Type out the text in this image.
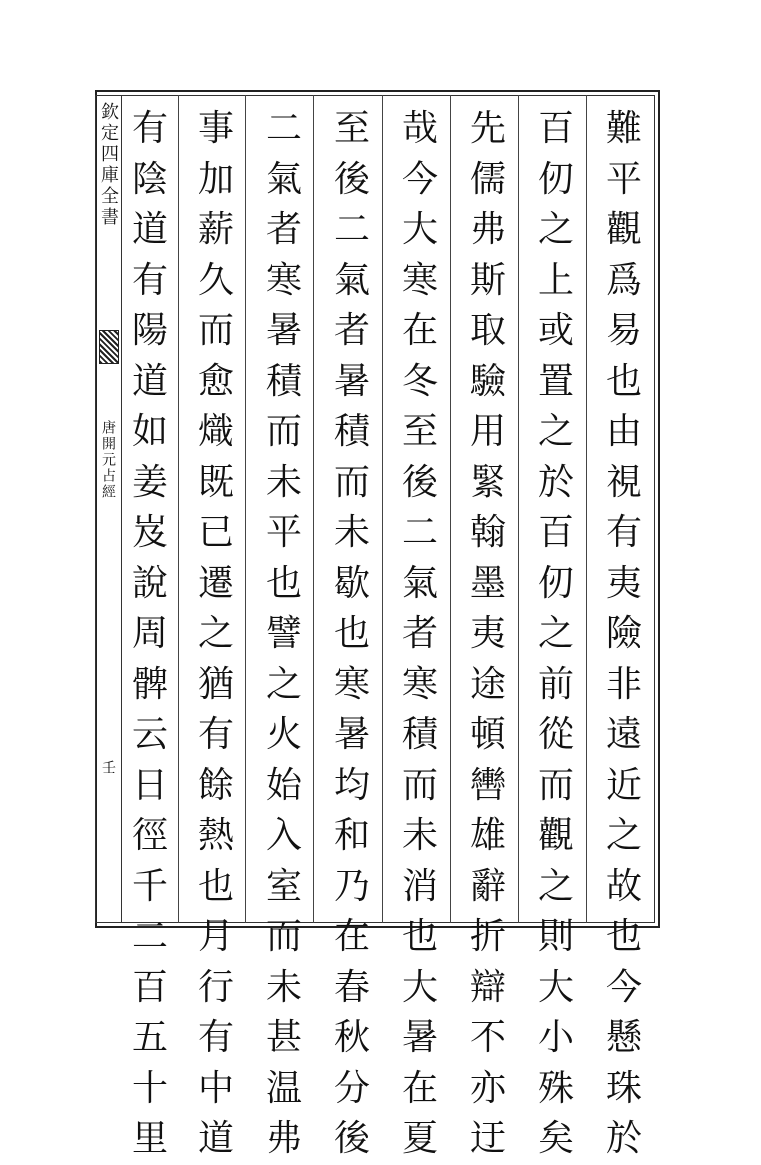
欽定四庫全書
唐開元占經
壬
難
平
觀
爲
易
也
由
視
有
夷
險
非
遠
近
之
故
也
今
懸
珠
於
百
仞
之
上
或
置
之
於
百
仞
之
前
從
而
觀
之
則
大
小
殊
矣
先
儒
弗
斯
取
驗
用
緊
翰
墨
夷
途
頓
轡
雄
辭
折
辯
不
亦
迂
哉
今
大
寒
在
冬
至
後
二
氣
者
寒
積
而
未
消
也
大
暑
在
夏
至
後
二
氣
者
暑
積
而
未
歇
也
寒
暑
均
和
乃
在
春
秋
分
後
二
氣
者
寒
暑
積
而
未
平
也
譬
之
火
始
入
室
而
未
甚
温
弗
事
加
薪
久
而
愈
熾
既
已
遷
之
猶
有
餘
熱
也
月
行
有
中
道
有
陰
道
有
陽
道
如
姜
岌
說
周
髀
云
日
徑
千
二
百
五
十
里
